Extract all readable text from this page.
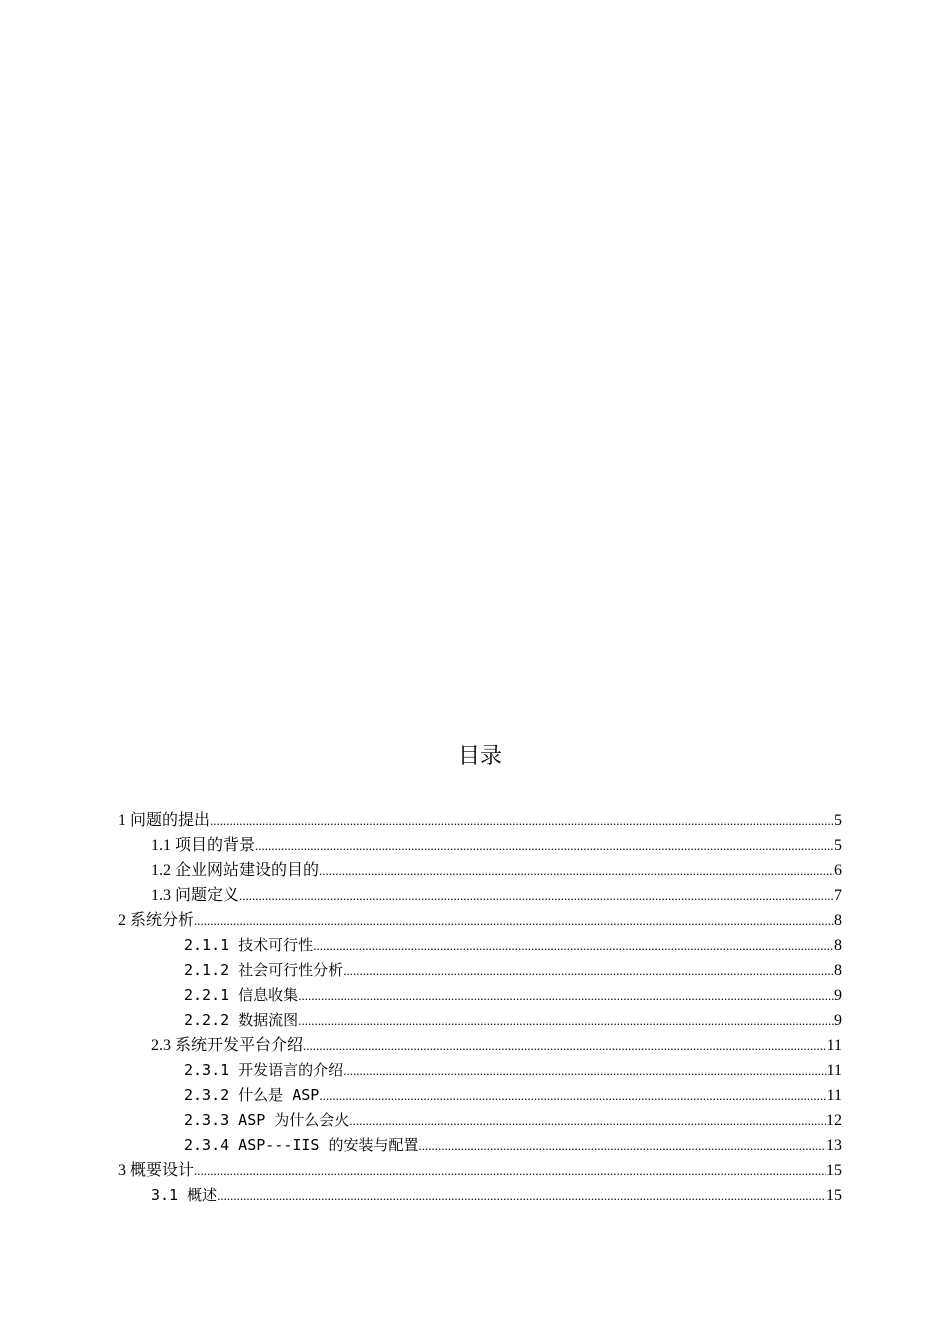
目录
1 问题的提出 .....	5
1.1 项目的背景 .....	5
1.2 企业网站建设的目的 .....	6
1.3 问题定义 .....	7
2 系统分析 .....	8
2.1.1 技术可行性 .....	8
2.1.2 社会可行性分析 .....	8
2.2.1 信息收集 .....	9
2.2.2 数据流图 .....	9
2.3 系统开发平台介绍 .....	11
2.3.1 开发语言的介绍 .....	11
2.3.2 什么是 ASP .....	11
2.3.3 ASP 为什么会火 .....	12
2.3.4 ASP---IIS 的安装与配置 .....	13
3 概要设计 .....	15
3.1 概述 .....	15
